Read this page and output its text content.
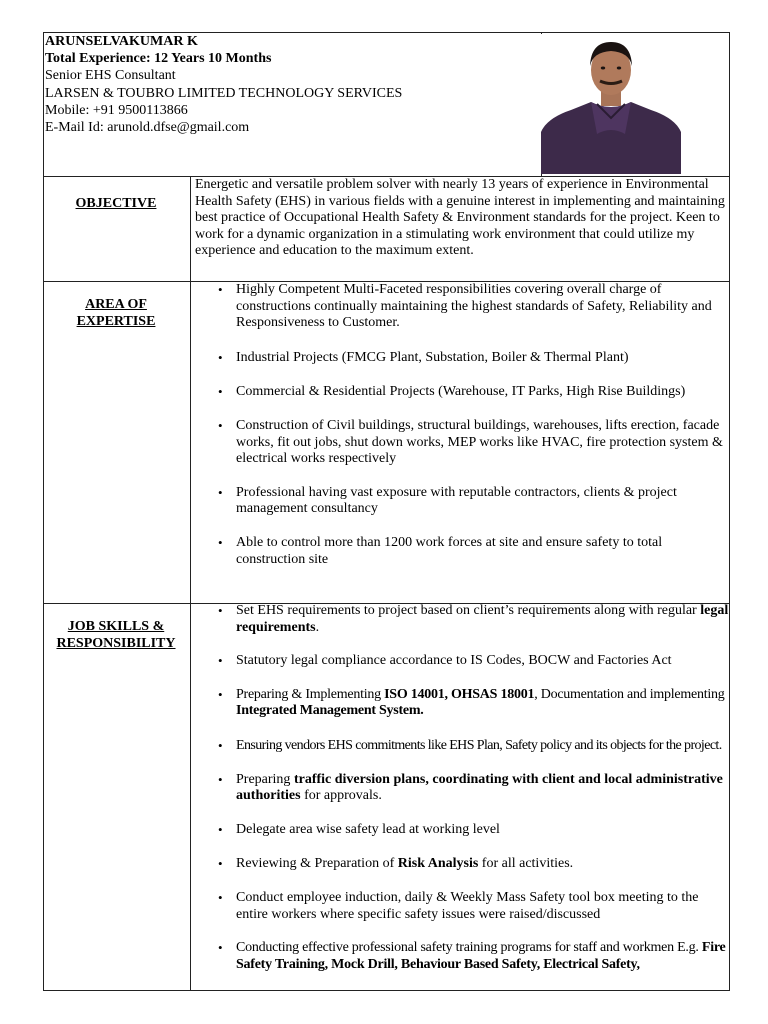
ARUNSELVAKUMAR K
Total Experience: 12 Years 10 Months
Senior EHS Consultant
LARSEN & TOUBRO LIMITED TECHNOLOGY SERVICES
Mobile: +91 9500113866
E-Mail Id: arunold.dfse@gmail.com
OBJECTIVE
Energetic and versatile problem solver with nearly 13 years of experience in Environmental Health Safety (EHS) in various fields with a genuine interest in implementing and maintaining best practice of Occupational Health Safety & Environment standards for the project. Keen to work for a dynamic organization in a stimulating work environment that could utilize my experience and education to the maximum extent.
AREA OF
EXPERTISE
• Highly Competent Multi-Faceted responsibilities covering overall charge of constructions continually maintaining the highest standards of Safety, Reliability and Responsiveness to Customer.
• Industrial Projects (FMCG Plant, Substation, Boiler & Thermal Plant)
• Commercial & Residential Projects (Warehouse, IT Parks, High Rise Buildings)
• Construction of Civil buildings, structural buildings, warehouses, lifts erection, facade works, fit out jobs, shut down works, MEP works like HVAC, fire protection system & electrical works respectively
• Professional having vast exposure with reputable contractors, clients & project management consultancy
• Able to control more than 1200 work forces at site and ensure safety to total construction site
JOB SKILLS &
RESPONSIBILITY
• Set EHS requirements to project based on client’s requirements along with regular legal requirements.
• Statutory legal compliance accordance to IS Codes, BOCW and Factories Act
• Preparing & Implementing ISO 14001, OHSAS 18001, Documentation and implementing Integrated Management System.
• Ensuring vendors EHS commitments like EHS Plan, Safety policy and its objects for the project.
• Preparing traffic diversion plans, coordinating with client and local administrative authorities for approvals.
• Delegate area wise safety lead at working level
• Reviewing & Preparation of Risk Analysis for all activities.
• Conduct employee induction, daily & Weekly Mass Safety tool box meeting to the entire workers where specific safety issues were raised/discussed
• Conducting effective professional safety training programs for staff and workmen E.g. Fire Safety Training, Mock Drill, Behaviour Based Safety, Electrical Safety,
